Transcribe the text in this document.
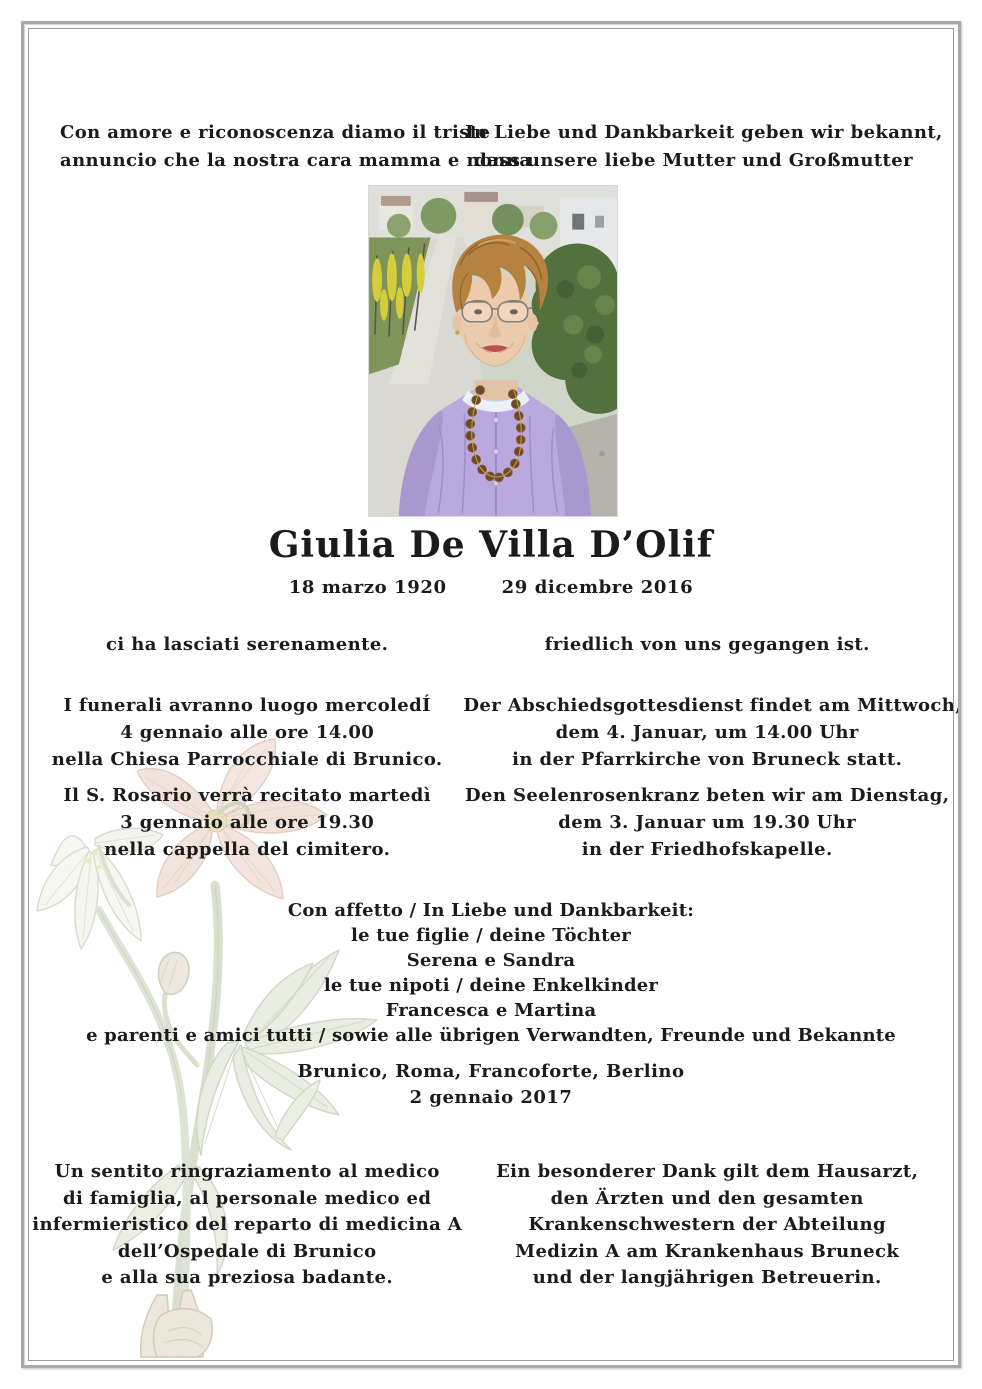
Con amore e riconoscenza diamo il triste
annuncio che la nostra cara mamma e nonna
In Liebe und Dankbarkeit geben wir bekannt,
dass unsere liebe Mutter und Großmutter
Giulia De Villa D’Olif
18 marzo 1920	29 dicembre 2016
ci ha lasciati serenamente.	friedlich von uns gegangen ist.
I funerali avranno luogo mercoledÍ
4 gennaio alle ore 14.00
nella Chiesa Parrocchiale di Brunico.
Der Abschiedsgottesdienst findet am Mittwoch,
dem 4. Januar, um 14.00 Uhr
in der Pfarrkirche von Bruneck statt.
Il S. Rosario verrà recitato martedì
3 gennaio alle ore 19.30
nella cappella del cimitero.
Den Seelenrosenkranz beten wir am Dienstag,
dem 3. Januar um 19.30 Uhr
in der Friedhofskapelle.
Con affetto / In Liebe und Dankbarkeit:
le tue figlie / deine Töchter
Serena e Sandra
le tue nipoti / deine Enkelkinder
Francesca e Martina
e parenti e amici tutti / sowie alle übrigen Verwandten, Freunde und Bekannte
Brunico, Roma, Francoforte, Berlino
2 gennaio 2017
Un sentito ringraziamento al medico
di famiglia, al personale medico ed
infermieristico del reparto di medicina A
dell’Ospedale di Brunico
e alla sua preziosa badante.
Ein besonderer Dank gilt dem Hausarzt,
den Ärzten und den gesamten
Krankenschwestern der Abteilung
Medizin A am Krankenhaus Bruneck
und der langjährigen Betreuerin.
